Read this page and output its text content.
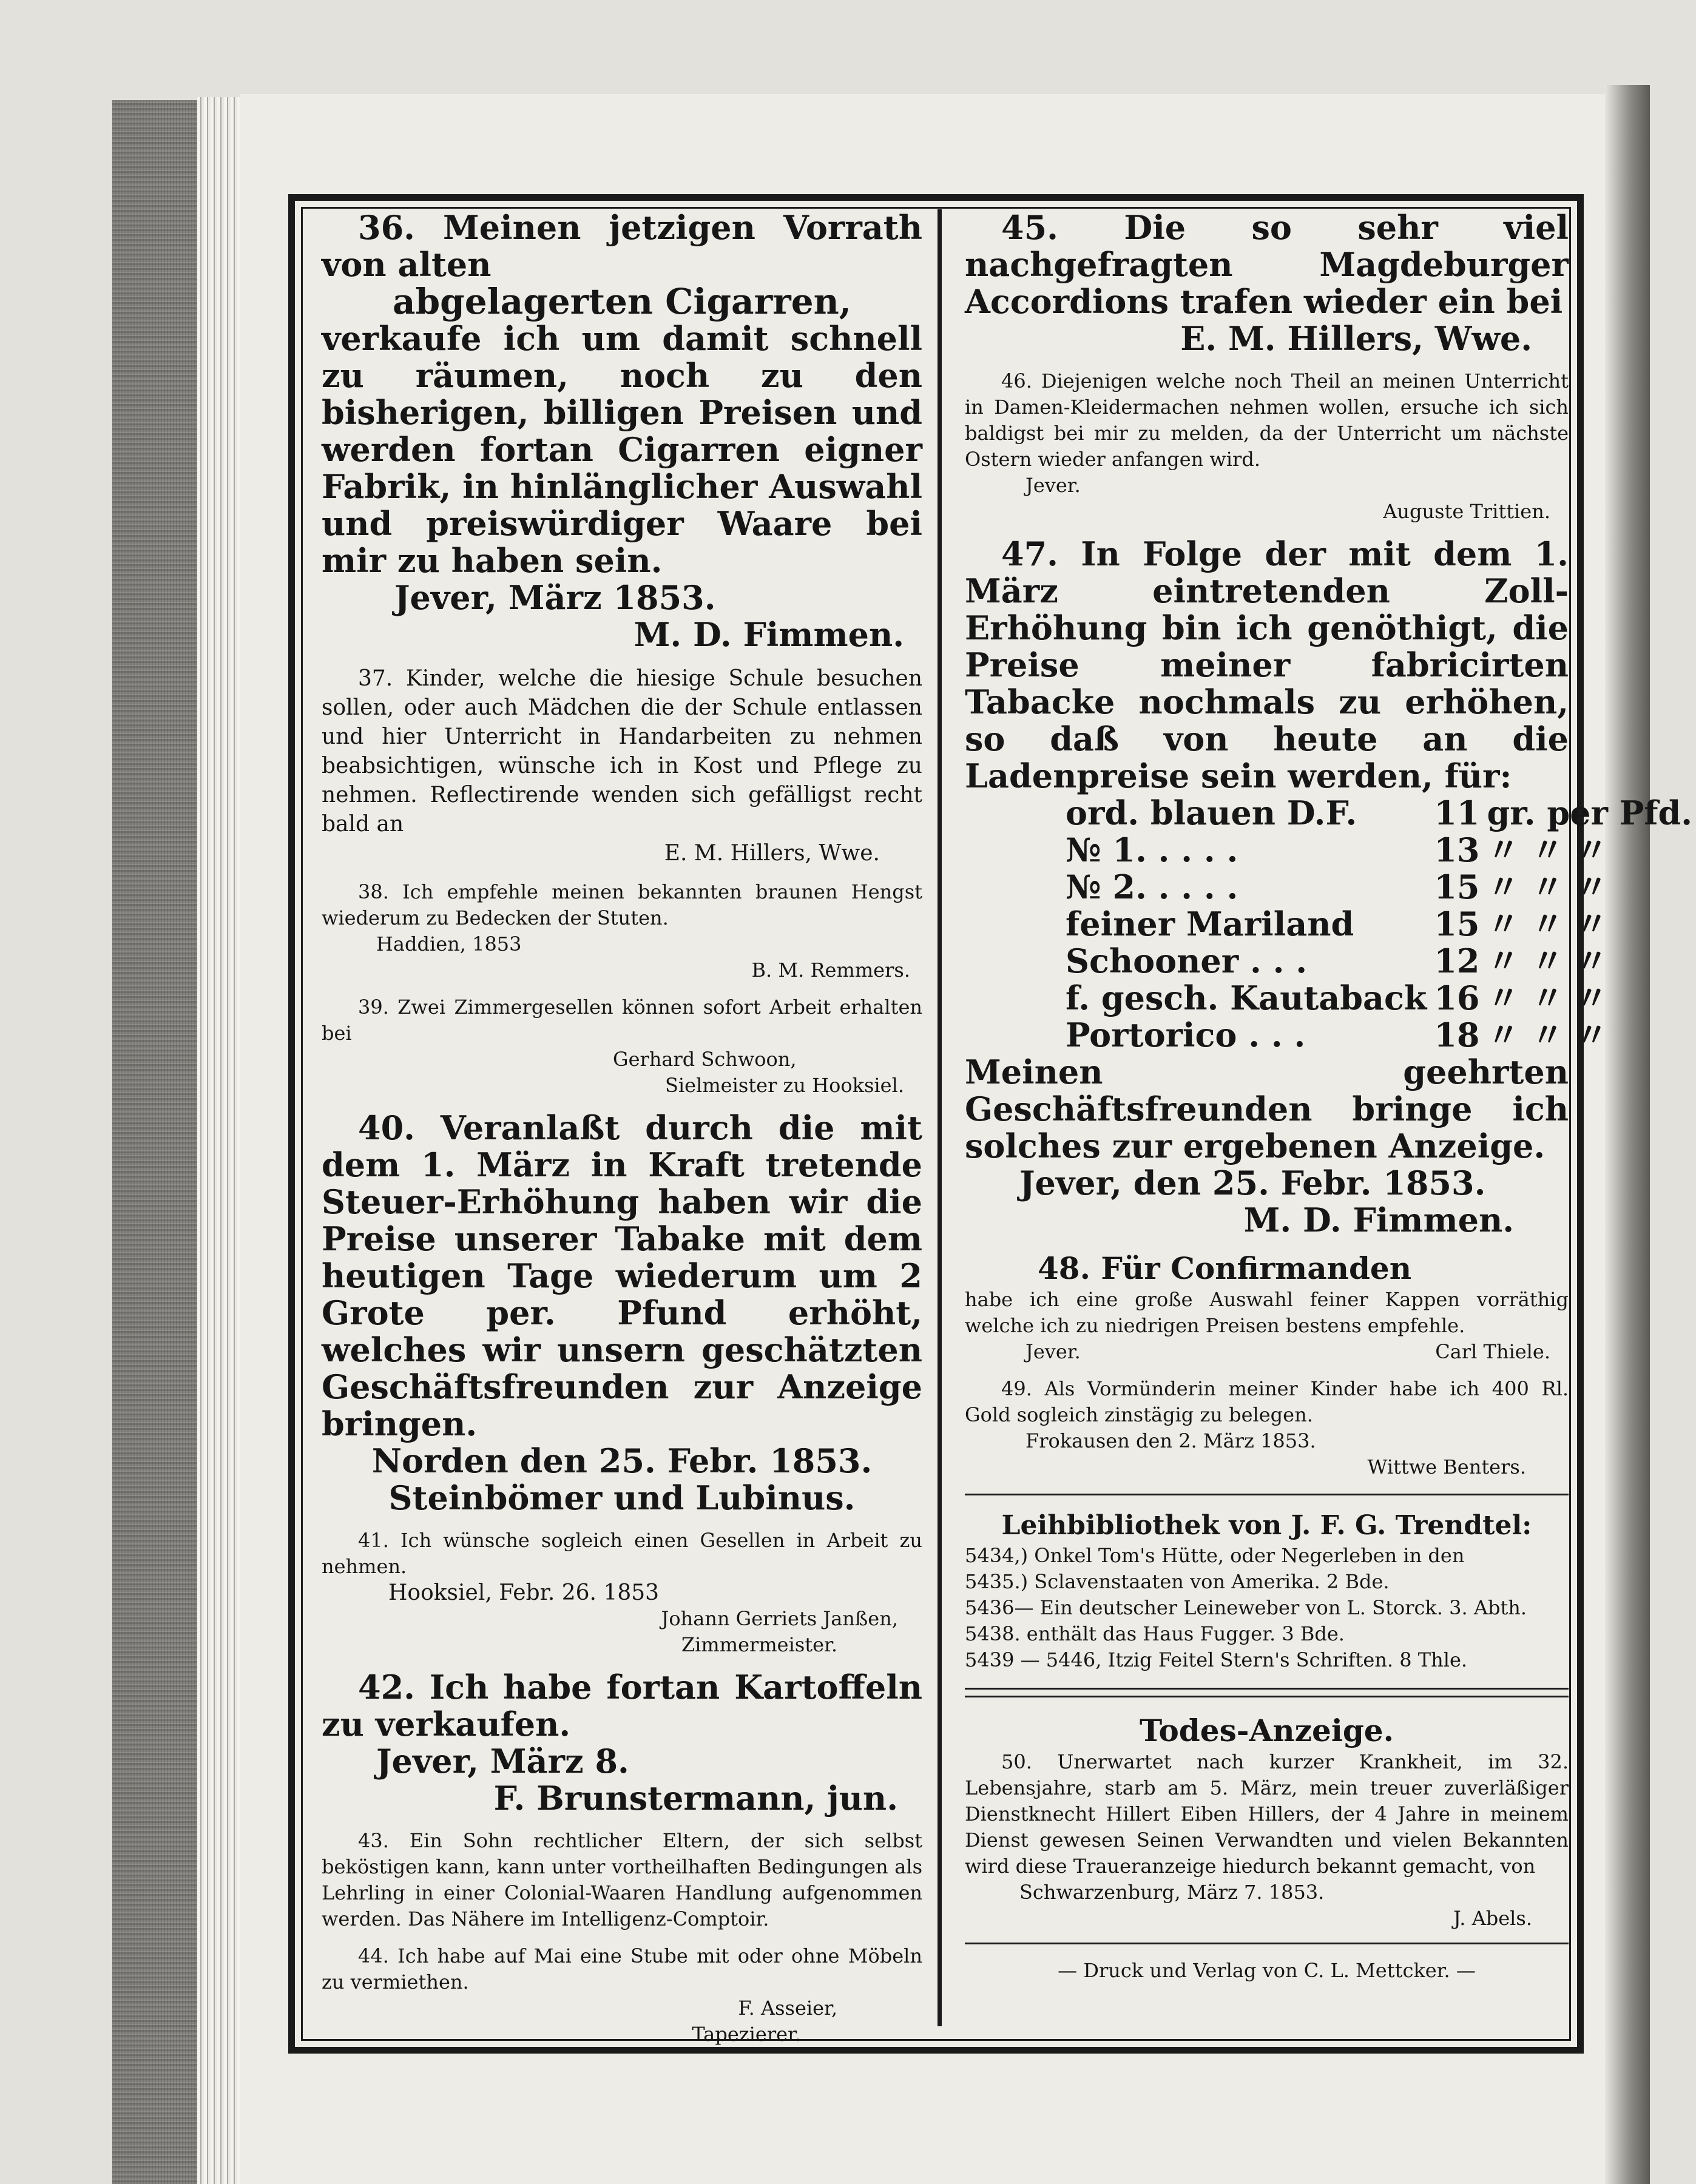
36. Meinen jetzigen Vorrath von alten

abgelagerten Cigarren,

verkaufe ich um damit schnell zu räumen, noch zu den bisherigen, billigen Preisen und werden fortan Cigarren eigner Fabrik, in hinlänglicher Auswahl und preiswürdiger Waare bei mir zu haben sein.

Jever, März 1853.

M. D. Fimmen.

37. Kinder, welche die hiesige Schule besuchen sollen, oder auch Mädchen die der Schule entlassen und hier Unterricht in Handarbeiten zu nehmen beabsichtigen, wünsche ich in Kost und Pflege zu nehmen. Reflectirende wenden sich gefälligst recht bald an

E. M. Hillers, Wwe.

38. Ich empfehle meinen bekannten braunen Hengst wiederum zu Bedecken der Stuten.

Haddien, 1853

B. M. Remmers.

39. Zwei Zimmergesellen können sofort Arbeit erhalten bei

Gerhard Schwoon,

Sielmeister zu Hooksiel.

40. Veranlaßt durch die mit dem 1. März in Kraft tretende Steuer-Erhöhung haben wir die Preise unserer Tabake mit dem heutigen Tage wiederum um 2 Grote per. Pfund erhöht, welches wir unsern geschätzten Geschäftsfreunden zur Anzeige bringen.

Norden den 25. Febr. 1853.

Steinbömer und Lubinus.

41. Ich wünsche sogleich einen Gesellen in Arbeit zu nehmen.

Hooksiel, Febr. 26. 1853

Johann Gerriets Janßen,

Zimmermeister.

42. Ich habe fortan Kartoffeln zu verkaufen.

Jever, März 8.

F. Brunstermann, jun.

43. Ein Sohn rechtlicher Eltern, der sich selbst beköstigen kann, kann unter vortheilhaften Bedingungen als Lehrling in einer Colonial-Waaren Handlung aufgenommen werden. Das Nähere im Intelligenz-Comptoir.

44. Ich habe auf Mai eine Stube mit oder ohne Möbeln zu vermiethen.

F. Asseier,

Tapezierer.

45. Die so sehr viel nachgefragten Magdeburger Accordions trafen wieder ein bei

E. M. Hillers, Wwe.

46. Diejenigen welche noch Theil an meinen Unterricht in Damen-Kleidermachen nehmen wollen, ersuche ich sich baldigst bei mir zu melden, da der Unterricht um nächste Ostern wieder anfangen wird.

Jever.

Auguste Trittien.

47. In Folge der mit dem 1. März eintretenden Zoll-Erhöhung bin ich genöthigt, die Preise meiner fabricirten Tabacke nochmals zu erhöhen, so daß von heute an die Ladenpreise sein werden, für:

ord. blauen D.F.	11	gr. per Pfd.
№ 1. . . . .	13	〃 〃 〃
№ 2. . . . .	15	〃 〃 〃
feiner Mariland	15	〃 〃 〃
Schooner . . .	12	〃 〃 〃
f. gesch. Kautaback	16	〃 〃 〃
Portorico . . .	18	〃 〃 〃

Meinen geehrten Geschäftsfreunden bringe ich solches zur ergebenen Anzeige.

Jever, den 25. Febr. 1853.

M. D. Fimmen.

48. Für Confirmanden

habe ich eine große Auswahl feiner Kappen vorräthig welche ich zu niedrigen Preisen bestens empfehle.

Jever.	Carl Thiele.

49. Als Vormünderin meiner Kinder habe ich 400 Rl. Gold sogleich zinstägig zu belegen.

Frokausen den 2. März 1853.

Wittwe Benters.

Leihbibliothek von J. F. G. Trendtel:

5434,) Onkel Tom's Hütte, oder Negerleben in den

5435.) Sclavenstaaten von Amerika. 2 Bde.

5436— Ein deutscher Leineweber von L. Storck. 3. Abth.

5438. enthält das Haus Fugger. 3 Bde.

5439 — 5446, Itzig Feitel Stern's Schriften. 8 Thle.

Todes-Anzeige.

50. Unerwartet nach kurzer Krankheit, im 32. Lebensjahre, starb am 5. März, mein treuer zuverläßiger Dienstknecht Hillert Eiben Hillers, der 4 Jahre in meinem Dienst gewesen Seinen Verwandten und vielen Bekannten wird diese Traueranzeige hiedurch bekannt gemacht, von

Schwarzenburg, März 7. 1853.

J. Abels.

— Druck und Verlag von C. L. Mettcker. —
